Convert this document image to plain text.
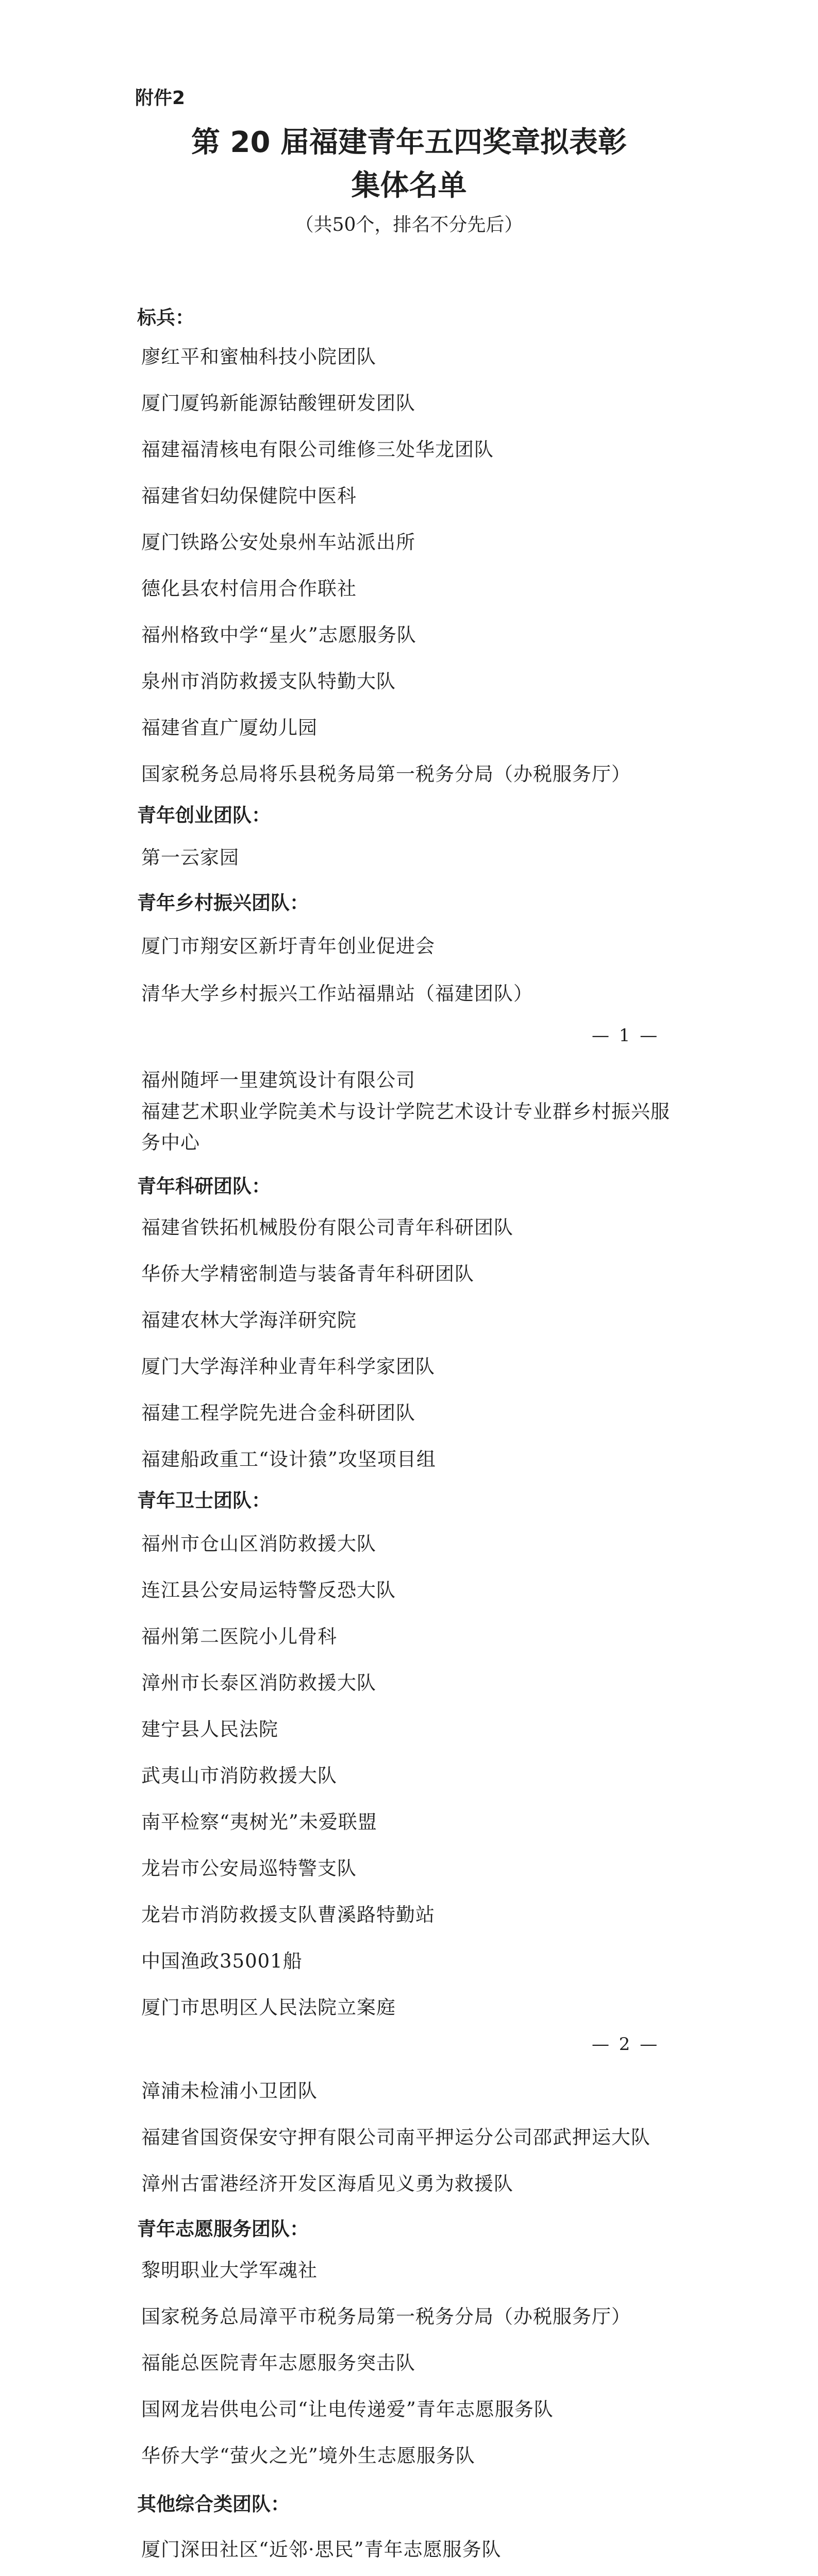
附件2
第 20 届福建青年五四奖章拟表彰
集体名单
（共50个，排名不分先后）
标兵：
廖红平和蜜柚科技小院团队
厦门厦钨新能源钴酸锂研发团队
福建福清核电有限公司维修三处华龙团队
福建省妇幼保健院中医科
厦门铁路公安处泉州车站派出所
德化县农村信用合作联社
福州格致中学“星火”志愿服务队
泉州市消防救援支队特勤大队
福建省直广厦幼儿园
国家税务总局将乐县税务局第一税务分局（办税服务厅）
青年创业团队：
第一云家园
青年乡村振兴团队：
厦门市翔安区新圩青年创业促进会
清华大学乡村振兴工作站福鼎站（福建团队）
— 1 —
福州随坪一里建筑设计有限公司
福建艺术职业学院美术与设计学院艺术设计专业群乡村振兴服务中心
青年科研团队：
福建省铁拓机械股份有限公司青年科研团队
华侨大学精密制造与装备青年科研团队
福建农林大学海洋研究院
厦门大学海洋种业青年科学家团队
福建工程学院先进合金科研团队
福建船政重工“设计猿”攻坚项目组
青年卫士团队：
福州市仓山区消防救援大队
连江县公安局运特警反恐大队
福州第二医院小儿骨科
漳州市长泰区消防救援大队
建宁县人民法院
武夷山市消防救援大队
南平检察“夷树光”未爱联盟
龙岩市公安局巡特警支队
龙岩市消防救援支队曹溪路特勤站
中国渔政35001船
厦门市思明区人民法院立案庭
— 2 —
漳浦未检浦小卫团队
福建省国资保安守押有限公司南平押运分公司邵武押运大队
漳州古雷港经济开发区海盾见义勇为救援队
青年志愿服务团队：
黎明职业大学军魂社
国家税务总局漳平市税务局第一税务分局（办税服务厅）
福能总医院青年志愿服务突击队
国网龙岩供电公司“让电传递爱”青年志愿服务队
华侨大学“萤火之光”境外生志愿服务队
其他综合类团队：
厦门深田社区“近邻·思民”青年志愿服务队
